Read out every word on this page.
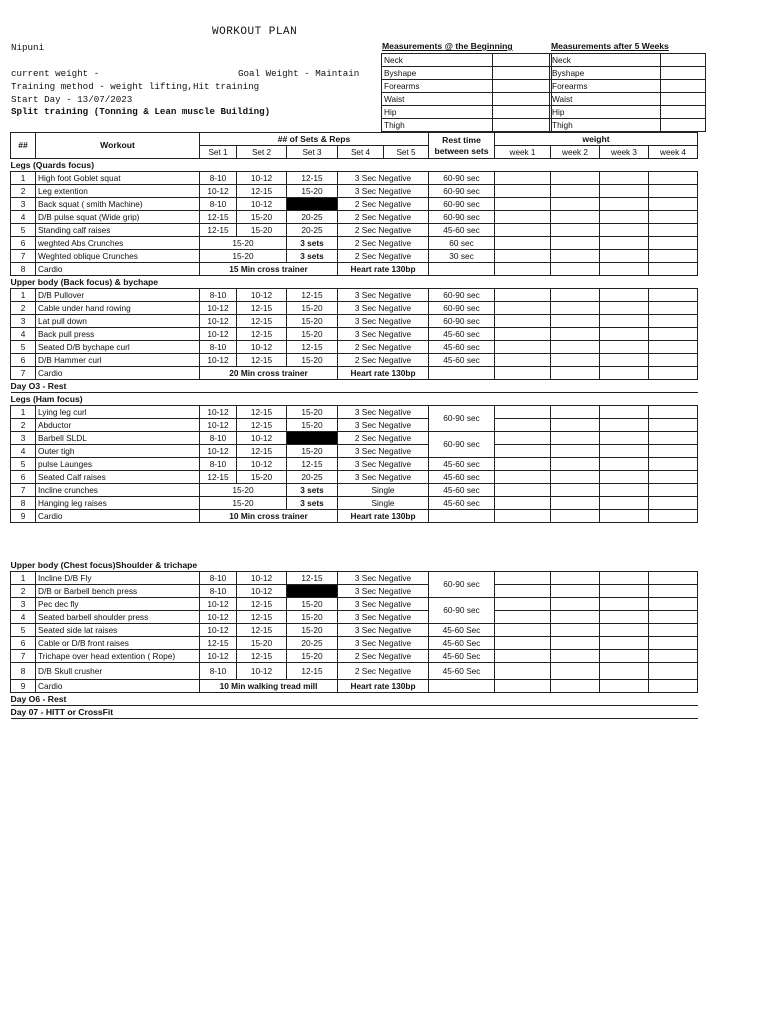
WORKOUT PLAN
Nipuni
current weight -	Goal Weight - Maintain
Training method - weight lifting,Hit training
Start Day - 13/07/2023
Split training (Tonning & Lean muscle Building)
Measurements @ the Beginning	Measurements after 5 Weeks
Neck	
Byshape	
Forearms	
Waist	
Hip	
Thigh	
Neck	
Byshape	
Forearms	
Waist	
Hip	
Thigh	
##	Workout	## of Sets & Reps					Rest time between sets	weight			
		Set 1	Set 2	Set 3	Set 4	Set 5		week 1	week 2	week 3	week 4
Legs (Quards focus)											
1	High foot Goblet squat	8-10	10-12	12-15	3 Sec Negative		60-90 sec				
2	Leg extention	10-12	12-15	15-20	3 Sec Negative		60-90 sec				
3	Back squat ( smith Machine)	8-10	10-12		2 Sec Negative		60-90 sec				
4	D/B pulse squat (Wide grip)	12-15	15-20	20-25	2 Sec Negative		60-90 sec				
5	Standing calf raises	12-15	15-20	20-25	2 Sec Negative		45-60 sec				
6	weghted Abs Crunches	15-20		3 sets	2 Sec Negative		60 sec				
7	Weghted oblique Crunches	15-20		3 sets	2 Sec Negative		30 sec				
8	Cardio	15 Min cross trainer			Heart rate 130bp						
Upper body (Back focus) & bychape											
1	D/B Pullover	8-10	10-12	12-15	3 Sec Negative		60-90 sec				
2	Cable under hand rowing	10-12	12-15	15-20	3 Sec Negative		60-90 sec				
3	Lat pull down	10-12	12-15	15-20	3 Sec Negative		60-90 sec				
4	Back pull press	10-12	12-15	15-20	3 Sec Negative		45-60 sec				
5	Seated D/B bychape curl	8-10	10-12	12-15	2 Sec Negative		45-60 sec				
6	D/B Hammer curl	10-12	12-15	15-20	2 Sec Negative		45-60 sec				
7	Cardio	20 Min cross trainer			Heart rate 130bp						
Day O3 - Rest											
Legs (Ham focus)											
1	Lying leg curl	10-12	12-15	15-20	3 Sec Negative		60-90 sec				
2	Abductor	10-12	12-15	15-20	3 Sec Negative						
3	Barbell SLDL	8-10	10-12		2 Sec Negative		60-90 sec				
4	Outer tigh	10-12	12-15	15-20	3 Sec Negative						
5	pulse Launges	8-10	10-12	12-15	3 Sec Negative		45-60 sec				
6	Seated Calf raises	12-15	15-20	20-25	3 Sec Negative		45-60 sec				
7	Incline crunches	15-20		3 sets	Single		45-60 sec				
8	Hanging leg raises	15-20		3 sets	Single		45-60 sec				
9	Cardio	10 Min cross trainer			Heart rate 130bp						

Upper body (Chest focus)Shoulder & trichape											
1	Incline D/B Fly	8-10	10-12	12-15	3 Sec Negative		60-90 sec				
2	D/B or Barbell bench press	8-10	10-12		3 Sec Negative						
3	Pec dec fly	10-12	12-15	15-20	3 Sec Negative		60-90 sec				
4	Seated barbell shoulder press	10-12	12-15	15-20	3 Sec Negative						
5	Seated side lat raises	10-12	12-15	15-20	3 Sec Negative		45-60 Sec				
6	Cable or D/B front raises	12-15	15-20	20-25	3 Sec Negative		45-60 Sec				
7	Trichape over head extention ( Rope)	10-12	12-15	15-20	2 Sec Negative		45-60 Sec				
8	D/B Skull crusher	8-10	10-12	12-15	2 Sec Negative		45-60 Sec				
9	Cardio	10 Min walking tread mill			Heart rate 130bp						
Day O6 - Rest											
Day 07 - HITT or CrossFit											
